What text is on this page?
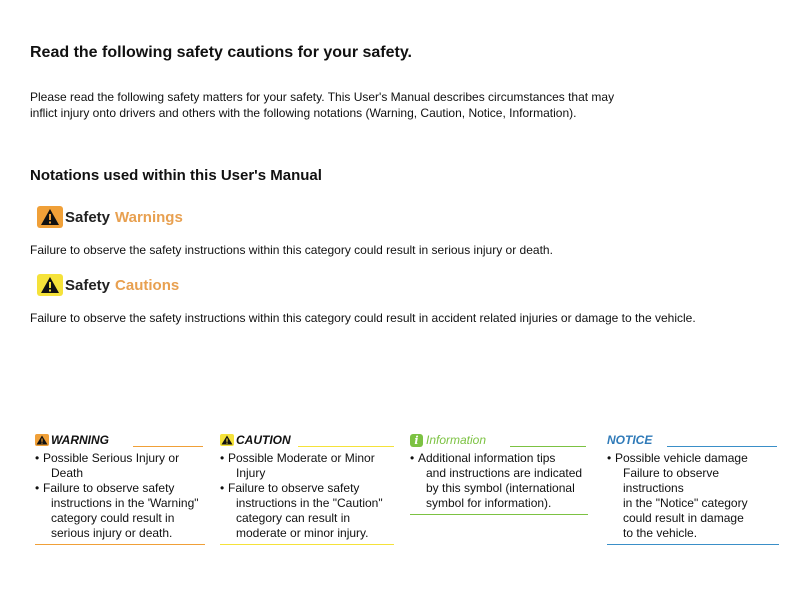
Read the following safety cautions for your safety.

Please read the following safety matters for your safety. This User's Manual describes circumstances that may
inflict injury onto drivers and others with the following notations (Warning, Caution, Notice, Information).

Notations used within this User's Manual
Safety Warnings

Failure to observe the safety instructions within this category could result in serious injury or death.

Safety Cautions

Failure to observe the safety instructions within this category could result in accident related injuries or damage to the vehicle.

WARNING
• Possible Serious Injury or
Death
• Failure to observe safety
instructions in the 'Warning"
category could result in
serious injury or death.
CAUTION
• Possible Moderate or Minor
Injury
• Failure to observe safety
instructions in the "Caution"
category can result in
moderate or minor injury.
i Information
• Additional information tips
and instructions are indicated
by this symbol (international
symbol for information).
NOTICE
• Possible vehicle damage
Failure to observe instructions
in the "Notice" category
could result in damage
to the vehicle.
